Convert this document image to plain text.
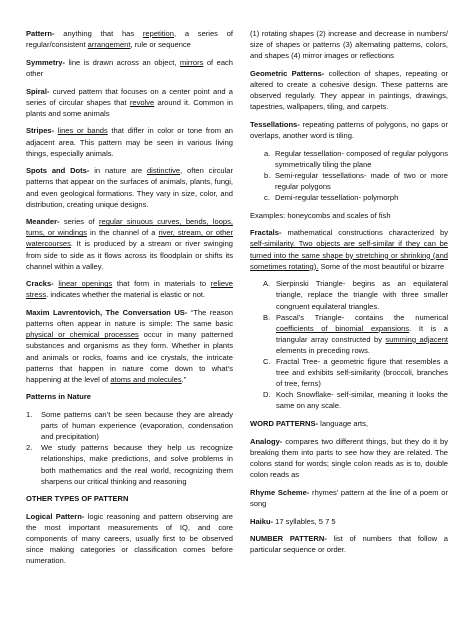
Pattern- anything that has repetition, a series of regular/consistent arrangement, rule or sequence

Symmetry- line is drawn across an object, mirrors of each other

Spiral- curved pattern that focuses on a center point and a series of circular shapes that revolve around it. Common in plants and some animals

Stripes- lines or bands that differ in color or tone from an adjacent area. This pattern may be seen in various living things, especially animals.

Spots and Dots- in nature are distinctive, often circular patterns that appear on the surfaces of animals, plants, fungi, and even geological formations. They vary in size, color, and distribution, creating unique designs.

Meander- series of regular sinuous curves, bends, loops, turns, or windings in the channel of a river, stream, or other watercourses. It is produced by a stream or river swinging from side to side as it flows across its floodplain or shifts its channel within a valley.

Cracks- linear openings that form in materials to relieve stress. indicates whether the material is elastic or not.

Maxim Lavrentovich, The Conversation US- “The reason patterns often appear in nature is simple: The same basic physical or chemical processes occur in many patterned substances and organisms as they form. Whether in plants and animals or rocks, foams and ice crystals, the intricate patterns that happen in nature come down to what’s happening at the level of atoms and molecules.”

Patterns in Nature

1. Some patterns can’t be seen because they are already parts of human experience (evaporation, condensation and precipitation)
2. We study patterns because they help us recognize relationships, make predictions, and solve problems in both mathematics and the real world, recognizing them sharpens our critical thinking and reasoning

OTHER TYPES OF PATTERN

Logical Pattern- logic reasoning and pattern observing are the most important measurements of IQ, and core components of many careers, usually first to be observed since making categories or classification comes before numeration.

(1) rotating shapes (2) increase and decrease in numbers/ size of shapes or patterns (3) alternating patterns, colors, and shapes (4) mirror images or reflections

Geometric Patterns- collection of shapes, repeating or altered to create a cohesive design. These patterns are observed regularly. They appear in paintings, drawings, tapestries, wallpapers, tiling, and carpets.

Tessellations- repeating patterns of polygons, no gaps or overlaps, another word is tiling.

a. Regular tessellation- composed of regular polygons symmetrically tiling the plane
b. Semi-regular tessellations- made of two or more regular polygons
c. Demi-regular tessellation- polymorph

Examples: honeycombs and scales of fish

Fractals- mathematical constructions characterized by self-similarity. Two objects are self-similar if they can be turned into the same shape by stretching or shrinking (and sometimes rotating). Some of the most beautiful or bizarre

A. Sierpinski Triangle- begins as an equilateral triangle, replace the triangle with three smaller congruent equilateral triangles.
B. Pascal’s Triangle- contains the numerical coefficients of binomial expansions. It is a triangular array constructed by summing adjacent elements in preceding rows.
C. Fractal Tree- a geometric figure that resembles a tree and exhibits self-similarity (broccoli, branches of tree, ferns)
D. Koch Snowflake- self-similar, meaning it looks the same on any scale.

WORD PATTERNS- language arts,

Analogy- compares two different things, but they do it by breaking them into parts to see how they are related. The colons stand for words; single colon reads as is to, double colon reads as

Rhyme Scheme- rhymes’ pattern at the line of a poem or song

Haiku- 17 syllables, 5 7 5

NUMBER PATTERN- list of numbers that follow a particular sequence or order.
